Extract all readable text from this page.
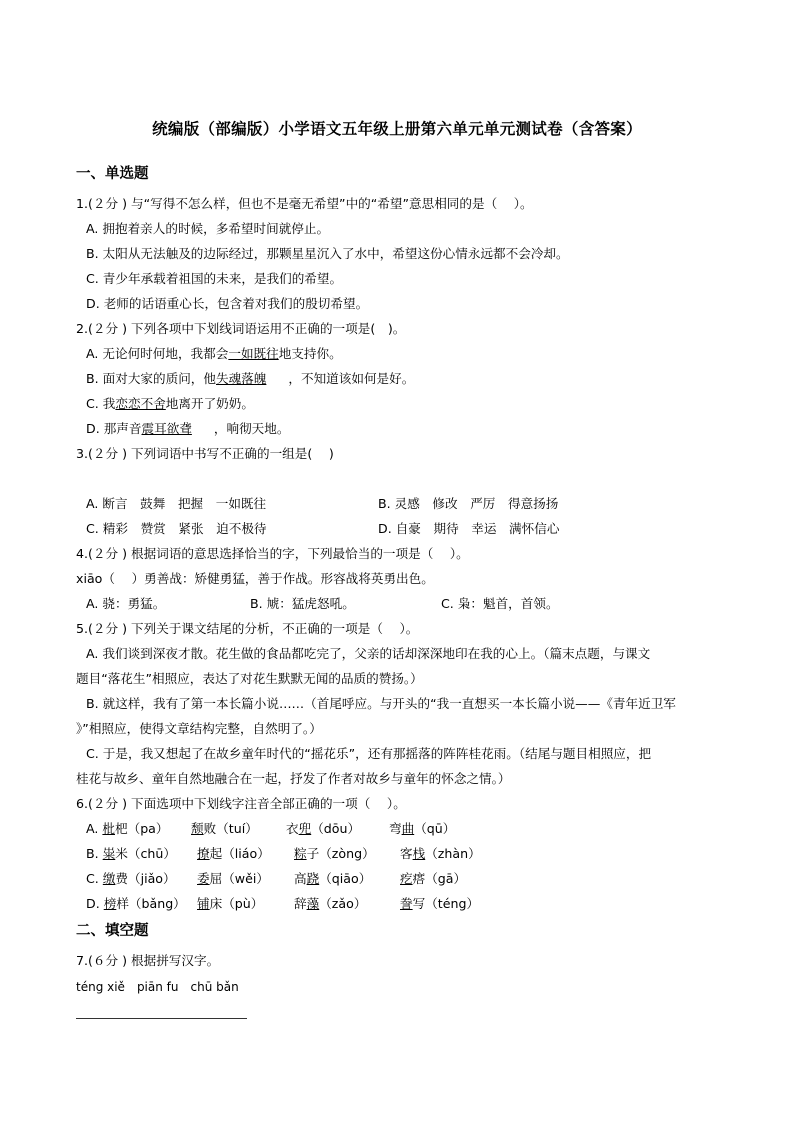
统编版（部编版）小学语文五年级上册第六单元单元测试卷（含答案）
一、单选题
1.(２分 ) 与“写得不怎么样，但也不是毫无希望”中的“希望”意思相同的是（　 ）。
A. 拥抱着亲人的时候，多希望时间就停止。
B. 太阳从无法触及的边际经过，那颗星星沉入了水中，希望这份心情永远都不会冷却。
C. 青少年承载着祖国的未来，是我们的希望。
D. 老师的话语重心长，包含着对我们的殷切希望。
2.(２分 ) 下列各项中下划线词语运用不正确的一项是(　)。
A. 无论何时何地，我都会一如既往地支持你。
B. 面对大家的质问，他失魂落魄 ，不知道该如何是好。
C. 我恋恋不舍地离开了奶奶。
D. 那声音震耳欲聋 ，响彻天地。
3.(２分 ) 下列词语中书写不正确的一组是(　 )
A. 断言　鼓舞　把握　一如既往	B. 灵感　修改　严厉　得意扬扬
C. 精彩　赞赏　紧张　迫不极待	D. 自豪　期待　幸运　满怀信心
4.(２分 ) 根据词语的意思选择恰当的字，下列最恰当的一项是（　 ）。
xiāo（　 ）勇善战：矫健勇猛，善于作战。形容战将英勇出色。
A. 骁：勇猛。	B. 虓：猛虎怒吼。	C. 枭：魁首，首领。
5.(２分 ) 下列关于课文结尾的分析，不正确的一项是（　 ）。
A. 我们谈到深夜才散。花生做的食品都吃完了，父亲的话却深深地印在我的心上。（篇末点题，与课文
题目“落花生”相照应，表达了对花生默默无闻的品质的赞扬。）
B. 就这样，我有了第一本长篇小说……（首尾呼应。与开头的“我一直想买一本长篇小说——《青年近卫军
》”相照应，使得文章结构完整，自然明了。）
C. 于是，我又想起了在故乡童年时代的“摇花乐”，还有那摇落的阵阵桂花雨。（结尾与题目相照应，把
桂花与故乡、童年自然地融合在一起，抒发了作者对故乡与童年的怀念之情。）
6.(２分 ) 下面选项中下划线字注音全部正确的一项（　 ）。
A. 枇杷（pa） 颓败（tuí） 衣兜（dōu） 弯曲（qū）
B. 粜米（chū） 撩起（liáo） 粽子（zòng） 客栈（zhàn）
C. 缴费（jiǎo） 委屈（wěi） 高跷（qiāo） 疙瘩（gā）
D. 榜样（bǎng） 铺床（pù） 辞藻（zǎo）	誊写（téng）
二、填空题
7.(６分 ) 根据拼写汉字。
téng xiě　piān fu　chū bǎn
